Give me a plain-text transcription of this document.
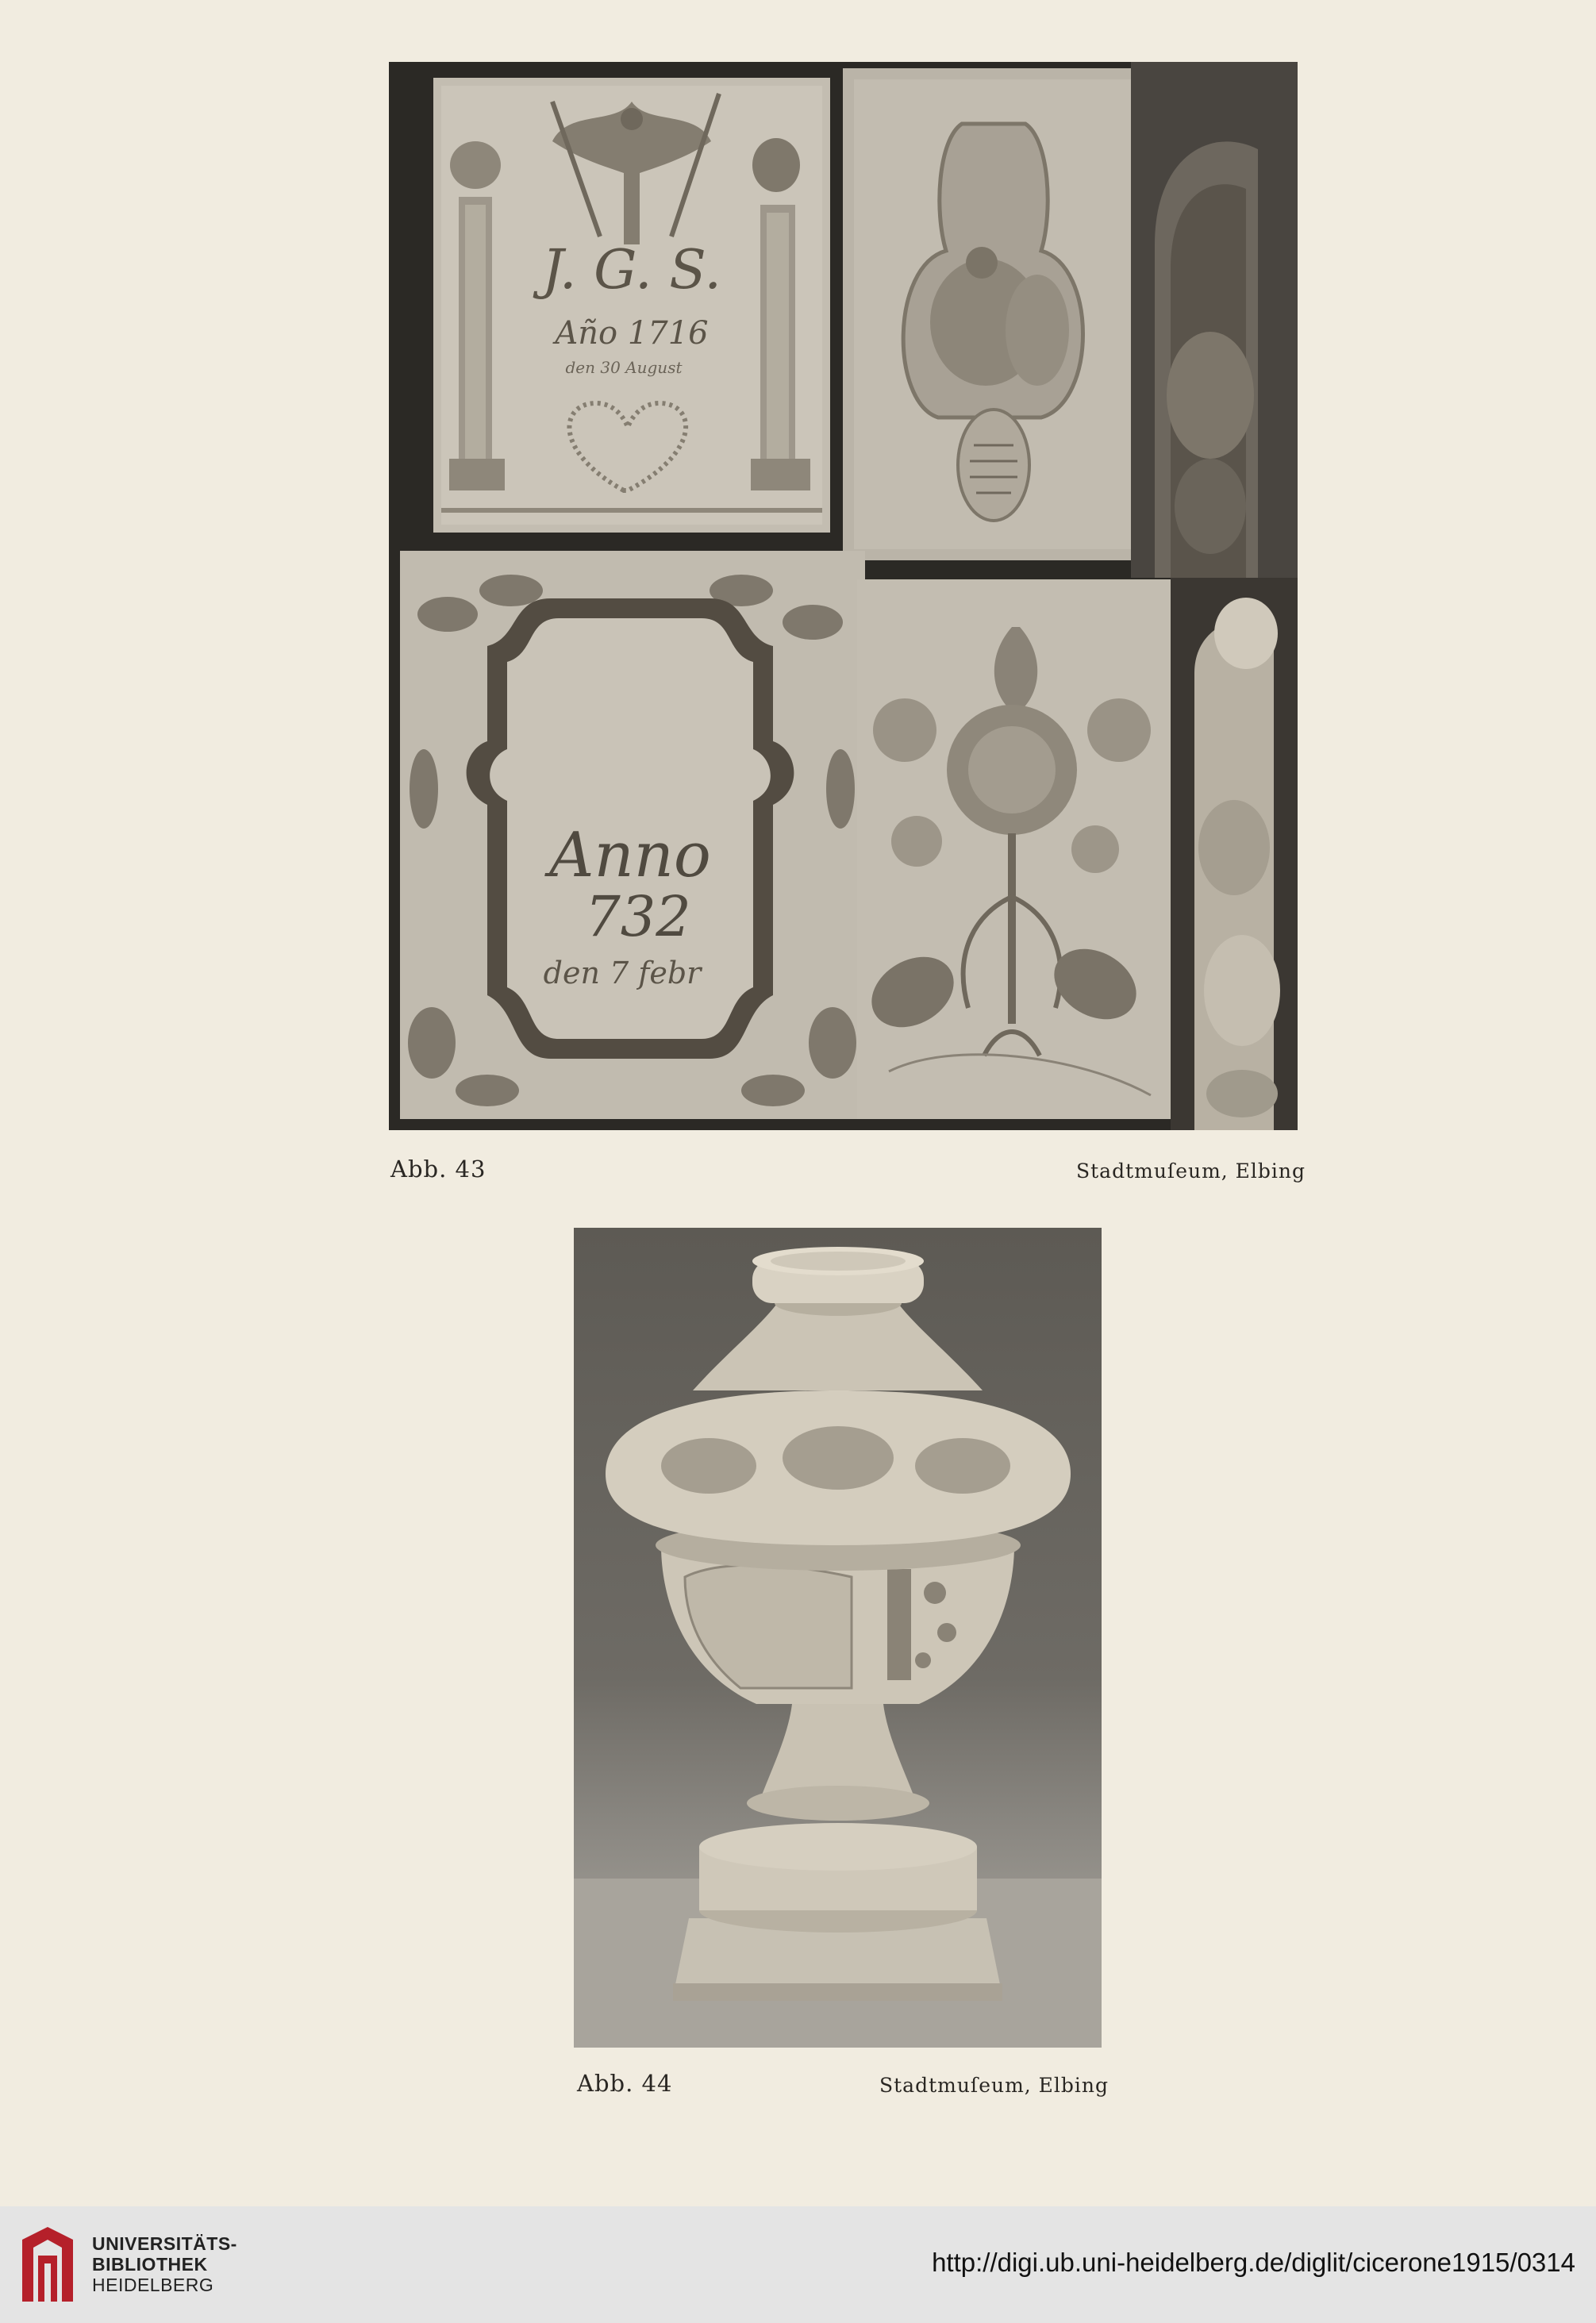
J. G. S.
Año 1716
den 30 August
Anno
732
den 7 febr
Abb. 43	Stadtmuſeum, Elbing
Abb. 44	Stadtmuſeum, Elbing
UNIVERSITÄTS-
BIBLIOTHEK
HEIDELBERG
http://digi.ub.uni-heidelberg.de/diglit/cicerone1915/0314
